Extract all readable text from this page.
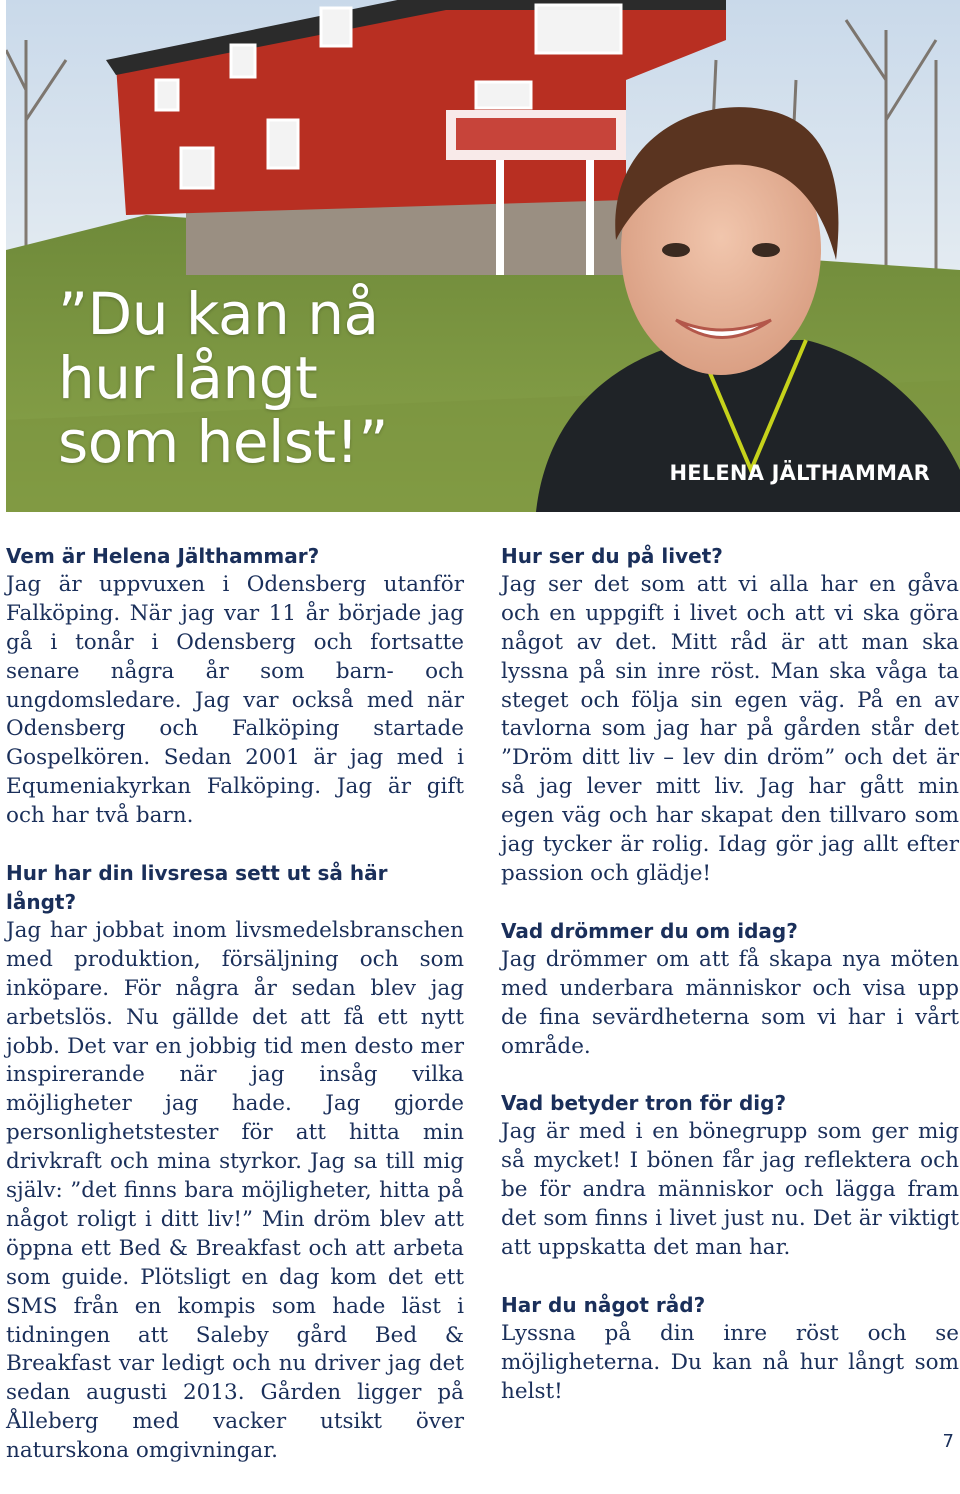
”Du kan nå
hur långt
som helst!”	HELENA JÄLTHAMMAR

Vem är Helena Jälthammar?

Jag är uppvuxen i Odensberg utanför Falköping. När jag var 11 år började jag gå i tonår i Odensberg och fortsatte senare några år som barn- och ungdomsledare. Jag var också med när Odensberg och Falköping startade Gospelkören. Sedan 2001 är jag med i Equmeniakyrkan Falköping. Jag är gift och har två barn.

Hur har din livsresa sett ut så här långt?

Jag har jobbat inom livsmedelsbranschen med produktion, försäljning och som inköpare. För några år sedan blev jag arbetslös. Nu gällde det att få ett nytt jobb. Det var en jobbig tid men desto mer inspirerande när jag insåg vilka möjligheter jag hade. Jag gjorde personlighetstester för att hitta min drivkraft och mina styrkor. Jag sa till mig själv: ”det finns bara möjligheter, hitta på något roligt i ditt liv!” Min dröm blev att öppna ett Bed & Breakfast och att arbeta som guide. Plötsligt en dag kom det ett SMS från en kompis som hade läst i tidningen att Saleby gård Bed & Breakfast var ledigt och nu driver jag det sedan augusti 2013. Gården ligger på Ålleberg med vacker utsikt över naturskona omgivningar.

Hur ser du på livet?

Jag ser det som att vi alla har en gåva och en uppgift i livet och att vi ska göra något av det. Mitt råd är att man ska lyssna på sin inre röst. Man ska våga ta steget och följa sin egen väg. På en av tavlorna som jag har på gården står det ”Dröm ditt liv – lev din dröm” och det är så jag lever mitt liv. Jag har gått min egen väg och har skapat den tillvaro som jag tycker är rolig. Idag gör jag allt efter passion och glädje!

Vad drömmer du om idag?

Jag drömmer om att få skapa nya möten med underbara människor och visa upp de fina sevärdheterna som vi har i vårt område.

Vad betyder tron för dig?

Jag är med i en bönegrupp som ger mig så mycket! I bönen får jag reflektera och be för andra människor och lägga fram det som finns i livet just nu. Det är viktigt att uppskatta det man har.

Har du något råd?

Lyssna på din inre röst och se möjligheterna. Du kan nå hur långt som helst!

7
